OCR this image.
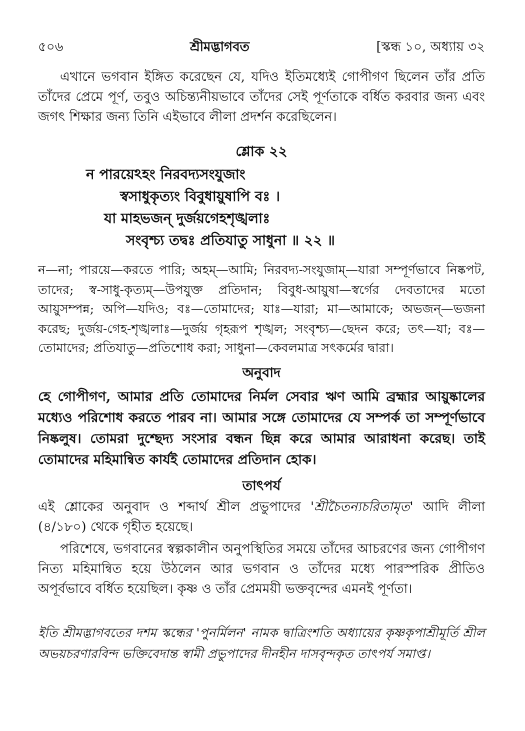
৫০৬	শ্রীমদ্ভাগবত	[স্কন্ধ ১০, অধ্যায় ৩২

এখানে ভগবান ইঙ্গিত করেছেন যে, যদিও ইতিমধ্যেই গোপীগণ ছিলেন তাঁর প্রতি তাঁদের প্রেমে পূর্ণ, তবুও অচিন্ত্যনীয়ভাবে তাঁদের সেই পূর্ণতাকে বর্ধিত করবার জন্য এবং জগৎ শিক্ষার জন্য তিনি এইভাবে লীলা প্রদর্শন করেছিলেন।

শ্লোক ২২
ন পারয়েঽহং নিরবদ্যসংযুজাং
স্বসাধুকৃত্যং বিবুধায়ুষাপি বঃ ।
যা মাহভজন্ দুর্জয়গেহশৃঙ্খলাঃ
সংবৃশ্চ্য তদ্বঃ প্রতিযাতু সাধুনা ॥ ২২ ॥

ন—না; পারয়ে—করতে পারি; অহম্—আমি; নিরবদ্য-সংযুজাম্—যারা সম্পূর্ণভাবে নিষ্কপট, তাদের; স্ব-সাধু-কৃত্যম্—উপযুক্ত প্রতিদান; বিবুধ-আয়ুষা—স্বর্গের দেবতাদের মতো আয়ুসম্পন্ন; অপি—যদিও; বঃ—তোমাদের; যাঃ—যারা; মা—আমাকে; অভজন্—ভজনা করেছ; দুর্জয়-গেহ-শৃঙ্খলাঃ—দুর্জয় গৃহরূপ শৃঙ্খল; সংবৃশ্চ্য—ছেদন করে; তৎ—যা; বঃ—তোমাদের; প্রতিযাতু—প্রতিশোধ করা; সাধুনা—কেবলমাত্র সৎকর্মের দ্বারা।

অনুবাদ

হে গোপীগণ, আমার প্রতি তোমাদের নির্মল সেবার ঋণ আমি ব্রহ্মার আয়ুষ্কালের মধ্যেও পরিশোধ করতে পারব না। আমার সঙ্গে তোমাদের যে সম্পর্ক তা সম্পূর্ণভাবে নিষ্কলুষ। তোমরা দুশ্ছেদ্য সংসার বন্ধন ছিন্ন করে আমার আরাধনা করেছ। তাই তোমাদের মহিমান্বিত কার্যই তোমাদের প্রতিদান হোক।

তাৎপর্য

এই শ্লোকের অনুবাদ ও শব্দার্থ শ্রীল প্রভুপাদের 'শ্রীচৈতন্যচরিতামৃত' আদি লীলা (৪/১৮০) থেকে গৃহীত হয়েছে।

পরিশেষে, ভগবানের স্বল্পকালীন অনুপস্থিতির সময়ে তাঁদের আচরণের জন্য গোপীগণ নিত্য মহিমান্বিত হয়ে উঠলেন আর ভগবান ও তাঁদের মধ্যে পারস্পরিক প্রীতিও অপূর্বভাবে বর্ধিত হয়েছিল। কৃষ্ণ ও তাঁর প্রেমময়ী ভক্তবৃন্দের এমনই পূর্ণতা।

ইতি শ্রীমদ্ভাগবতের দশম স্কন্ধের 'পুনর্মিলন' নামক দ্বাত্রিংশতি অধ্যায়ের কৃষ্ণকৃপাশ্রীমূর্তি শ্রীল অভয়চরণারবিন্দ ভক্তিবেদান্ত স্বামী প্রভুপাদের দীনহীন দাসবৃন্দকৃত তাৎপর্য সমাপ্ত।
